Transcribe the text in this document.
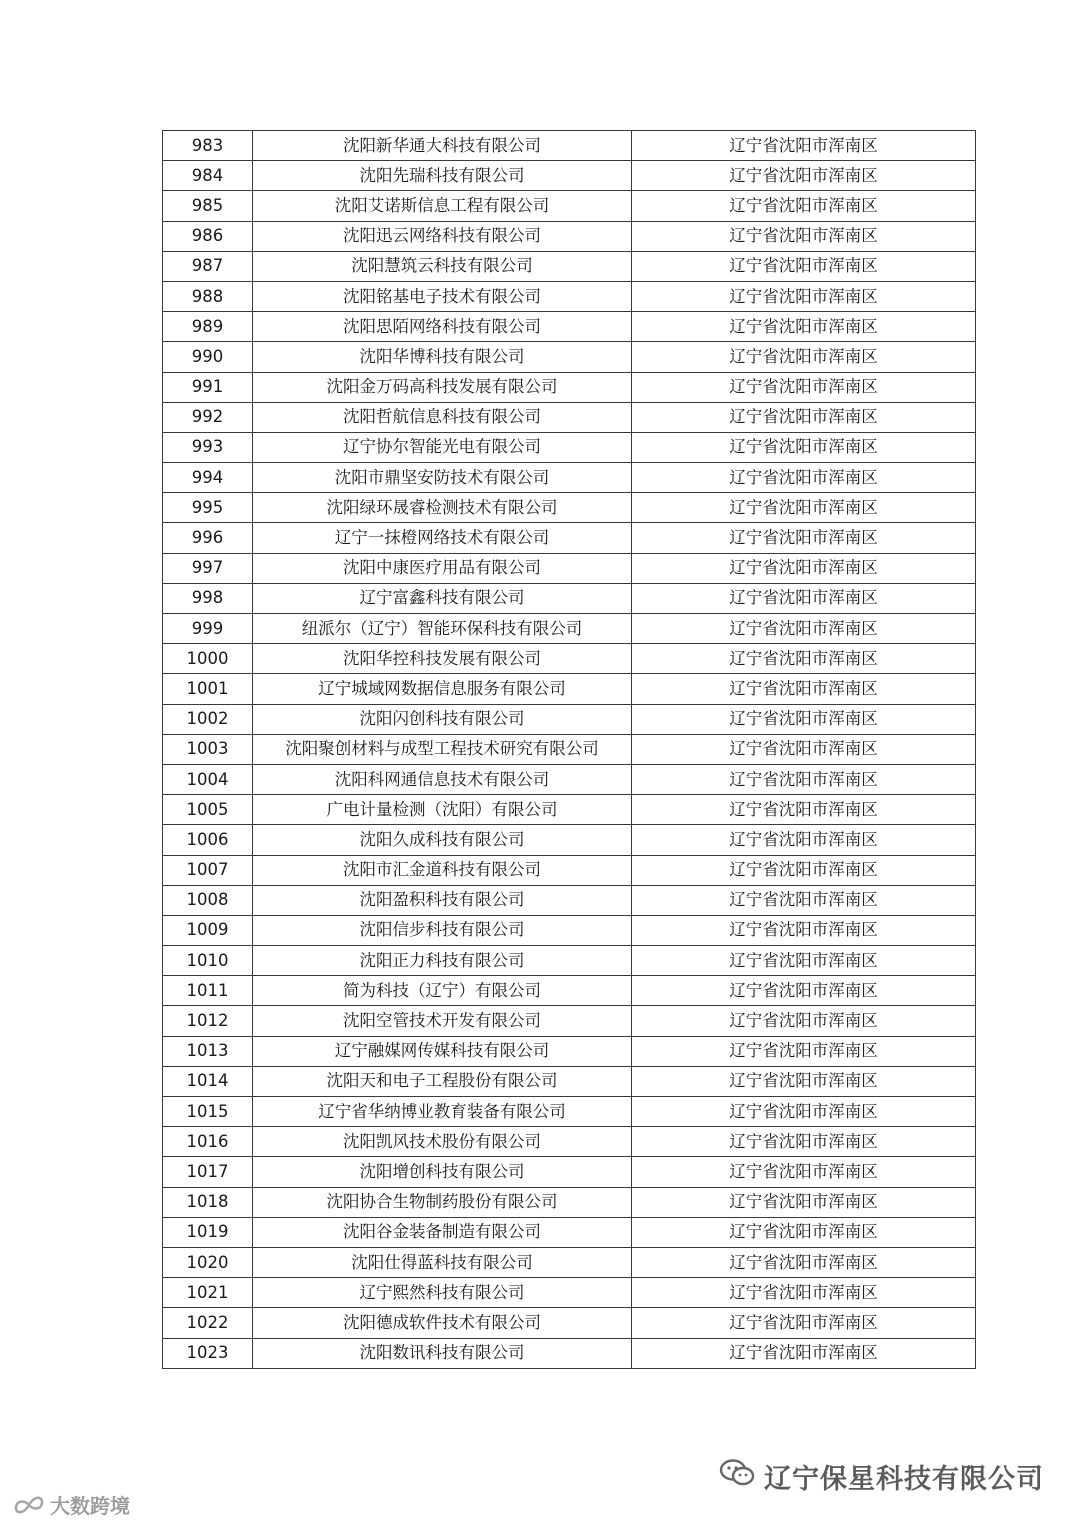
983	沈阳新华通大科技有限公司	辽宁省沈阳市浑南区
984	沈阳先瑞科技有限公司	辽宁省沈阳市浑南区
985	沈阳艾诺斯信息工程有限公司	辽宁省沈阳市浑南区
986	沈阳迅云网络科技有限公司	辽宁省沈阳市浑南区
987	沈阳慧筑云科技有限公司	辽宁省沈阳市浑南区
988	沈阳铭基电子技术有限公司	辽宁省沈阳市浑南区
989	沈阳思陌网络科技有限公司	辽宁省沈阳市浑南区
990	沈阳华博科技有限公司	辽宁省沈阳市浑南区
991	沈阳金万码高科技发展有限公司	辽宁省沈阳市浑南区
992	沈阳哲航信息科技有限公司	辽宁省沈阳市浑南区
993	辽宁协尔智能光电有限公司	辽宁省沈阳市浑南区
994	沈阳市鼎坚安防技术有限公司	辽宁省沈阳市浑南区
995	沈阳绿环晟睿检测技术有限公司	辽宁省沈阳市浑南区
996	辽宁一抹橙网络技术有限公司	辽宁省沈阳市浑南区
997	沈阳中康医疗用品有限公司	辽宁省沈阳市浑南区
998	辽宁富鑫科技有限公司	辽宁省沈阳市浑南区
999	纽派尔（辽宁）智能环保科技有限公司	辽宁省沈阳市浑南区
1000	沈阳华控科技发展有限公司	辽宁省沈阳市浑南区
1001	辽宁城域网数据信息服务有限公司	辽宁省沈阳市浑南区
1002	沈阳闪创科技有限公司	辽宁省沈阳市浑南区
1003	沈阳聚创材料与成型工程技术研究有限公司	辽宁省沈阳市浑南区
1004	沈阳科网通信息技术有限公司	辽宁省沈阳市浑南区
1005	广电计量检测（沈阳）有限公司	辽宁省沈阳市浑南区
1006	沈阳久成科技有限公司	辽宁省沈阳市浑南区
1007	沈阳市汇金道科技有限公司	辽宁省沈阳市浑南区
1008	沈阳盈积科技有限公司	辽宁省沈阳市浑南区
1009	沈阳信步科技有限公司	辽宁省沈阳市浑南区
1010	沈阳正力科技有限公司	辽宁省沈阳市浑南区
1011	简为科技（辽宁）有限公司	辽宁省沈阳市浑南区
1012	沈阳空管技术开发有限公司	辽宁省沈阳市浑南区
1013	辽宁融媒网传媒科技有限公司	辽宁省沈阳市浑南区
1014	沈阳天和电子工程股份有限公司	辽宁省沈阳市浑南区
1015	辽宁省华纳博业教育装备有限公司	辽宁省沈阳市浑南区
1016	沈阳凯风技术股份有限公司	辽宁省沈阳市浑南区
1017	沈阳增创科技有限公司	辽宁省沈阳市浑南区
1018	沈阳协合生物制药股份有限公司	辽宁省沈阳市浑南区
1019	沈阳谷金装备制造有限公司	辽宁省沈阳市浑南区
1020	沈阳仕得蓝科技有限公司	辽宁省沈阳市浑南区
1021	辽宁熙然科技有限公司	辽宁省沈阳市浑南区
1022	沈阳德成软件技术有限公司	辽宁省沈阳市浑南区
1023	沈阳数讯科技有限公司	辽宁省沈阳市浑南区
大数跨境
辽宁保星科技有限公司
